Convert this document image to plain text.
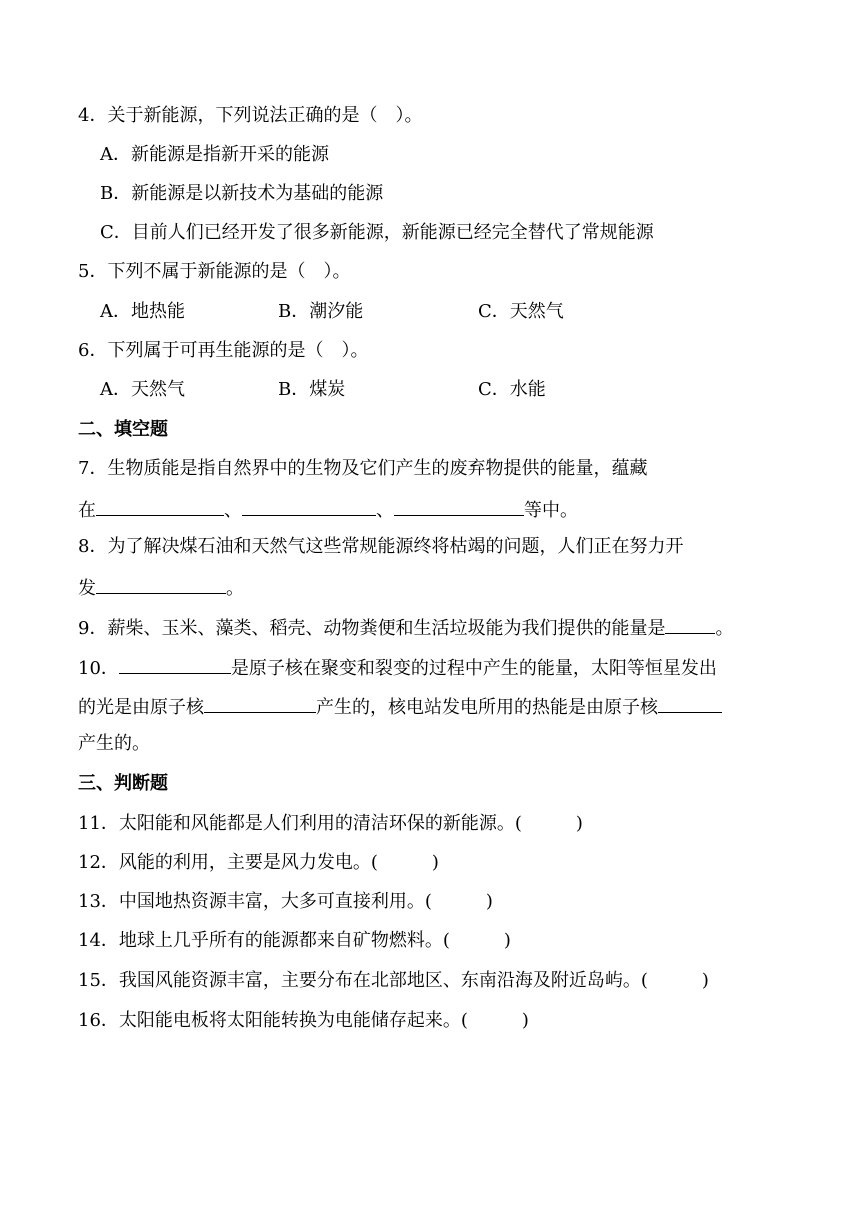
4．关于新能源，下列说法正确的是（　）。
A．新能源是指新开采的能源
B．新能源是以新技术为基础的能源
C．目前人们已经开发了很多新能源，新能源已经完全替代了常规能源
5．下列不属于新能源的是（　）。
A．地热能	B．潮汐能	C．天然气
6．下列属于可再生能源的是（　）。
A．天然气	B．煤炭	C．水能
二、填空题
7．生物质能是指自然界中的生物及它们产生的废弃物提供的能量，蕴藏
在	、	、	等中。
8．为了解决煤石油和天然气这些常规能源终将枯竭的问题，人们正在努力开
发	。
9．薪柴、玉米、藻类、稻壳、动物粪便和生活垃圾能为我们提供的能量是	。
10．	是原子核在聚变和裂变的过程中产生的能量，太阳等恒星发出
的光是由原子核	产生的，核电站发电所用的热能是由原子核
产生的。
三、判断题
11．太阳能和风能都是人们利用的清洁环保的新能源。(　　　)
12．风能的利用，主要是风力发电。(　　　)
13．中国地热资源丰富，大多可直接利用。(　　　)
14．地球上几乎所有的能源都来自矿物燃料。(　　　)
15．我国风能资源丰富，主要分布在北部地区、东南沿海及附近岛屿。(　　　)
16．太阳能电板将太阳能转换为电能储存起来。(　　　)
